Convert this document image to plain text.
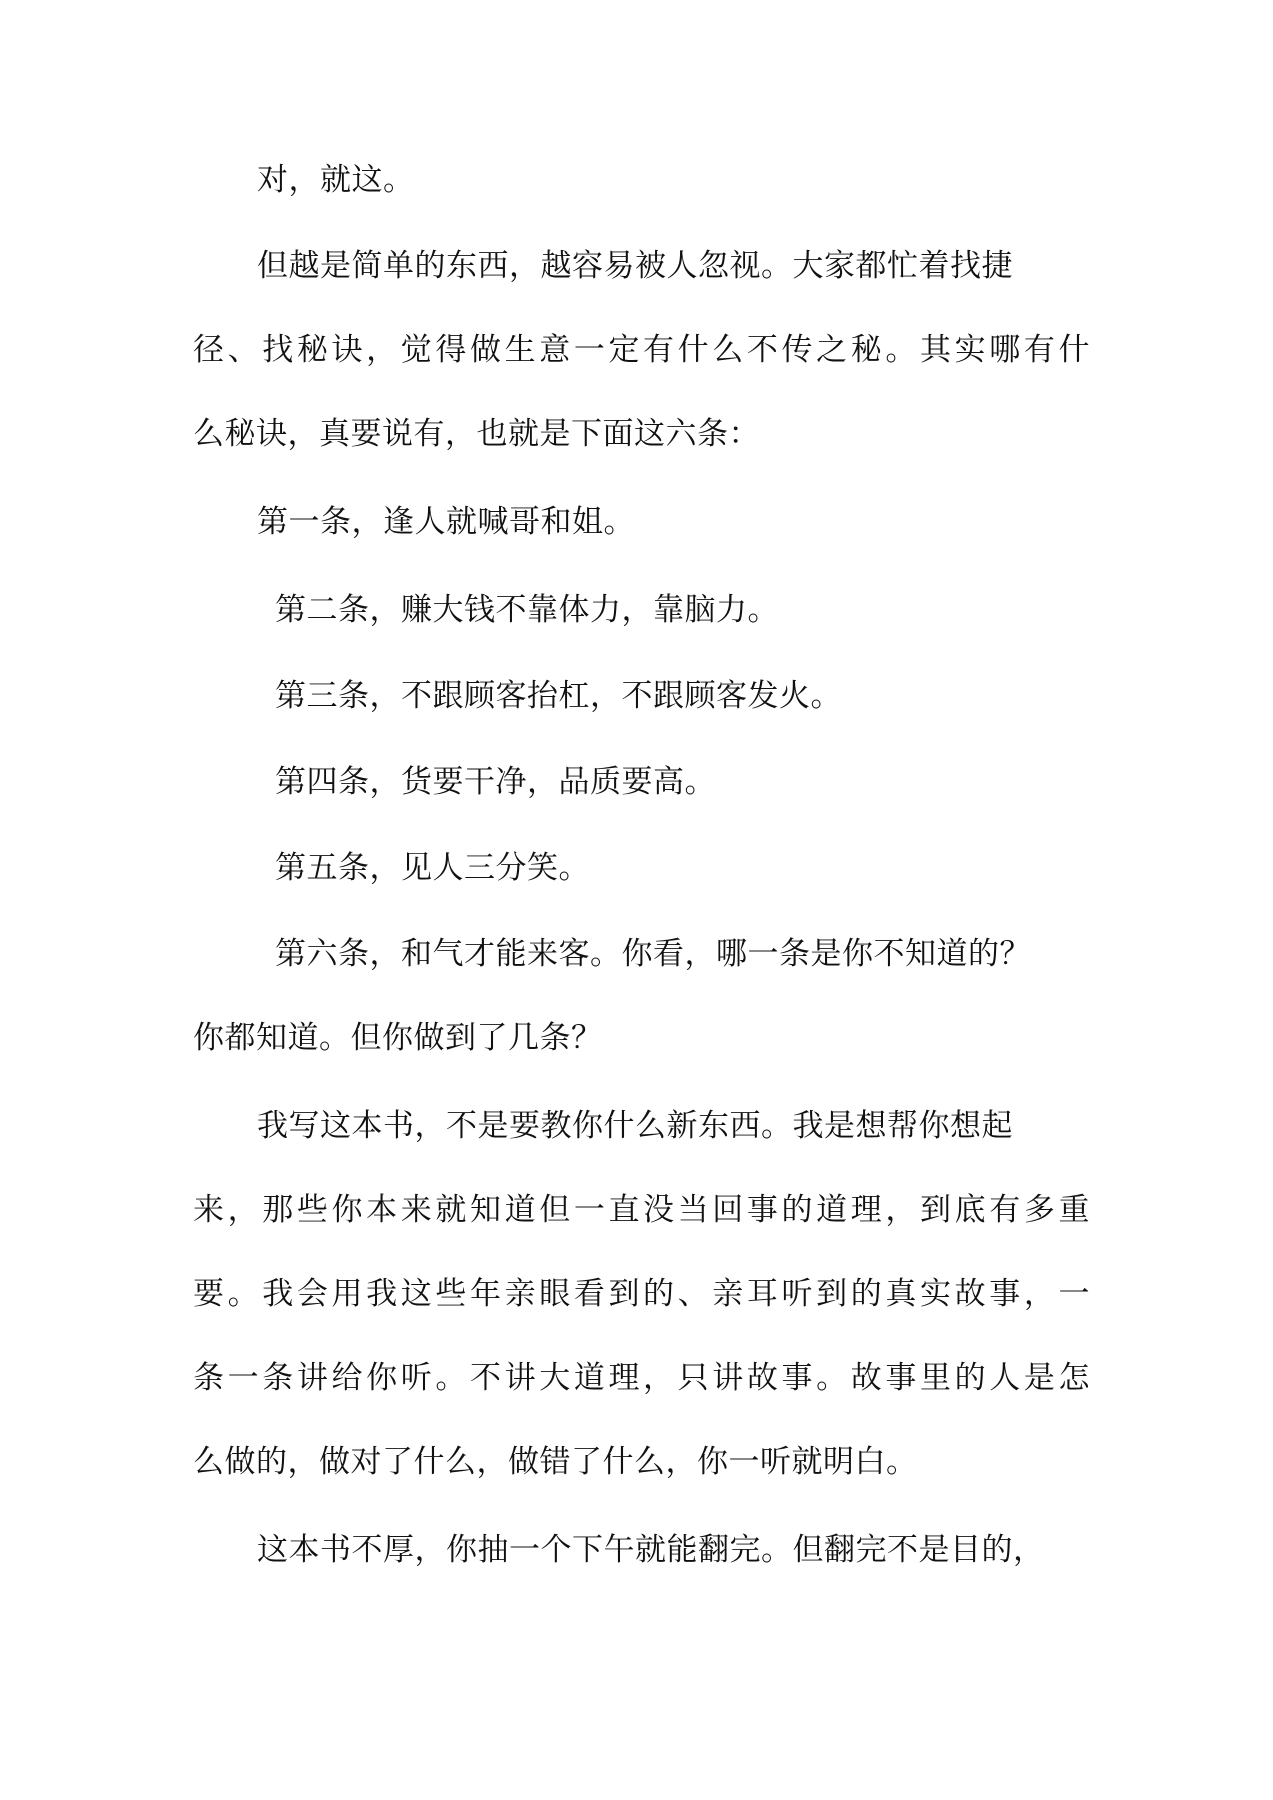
对，就这。
但越是简单的东西，越容易被人忽视。大家都忙着找捷
径、找秘诀，觉得做生意一定有什么不传之秘。其实哪有什
么秘诀，真要说有，也就是下面这六条：
第一条，逢人就喊哥和姐。
第二条，赚大钱不靠体力，靠脑力。
第三条，不跟顾客抬杠，不跟顾客发火。
第四条，货要干净，品质要高。
第五条，见人三分笑。
第六条，和气才能来客。你看，哪一条是你不知道的？
你都知道。但你做到了几条？
我写这本书，不是要教你什么新东西。我是想帮你想起
来，那些你本来就知道但一直没当回事的道理，到底有多重
要。我会用我这些年亲眼看到的、亲耳听到的真实故事，一
条一条讲给你听。不讲大道理，只讲故事。故事里的人是怎
么做的，做对了什么，做错了什么，你一听就明白。
这本书不厚，你抽一个下午就能翻完。但翻完不是目的，
